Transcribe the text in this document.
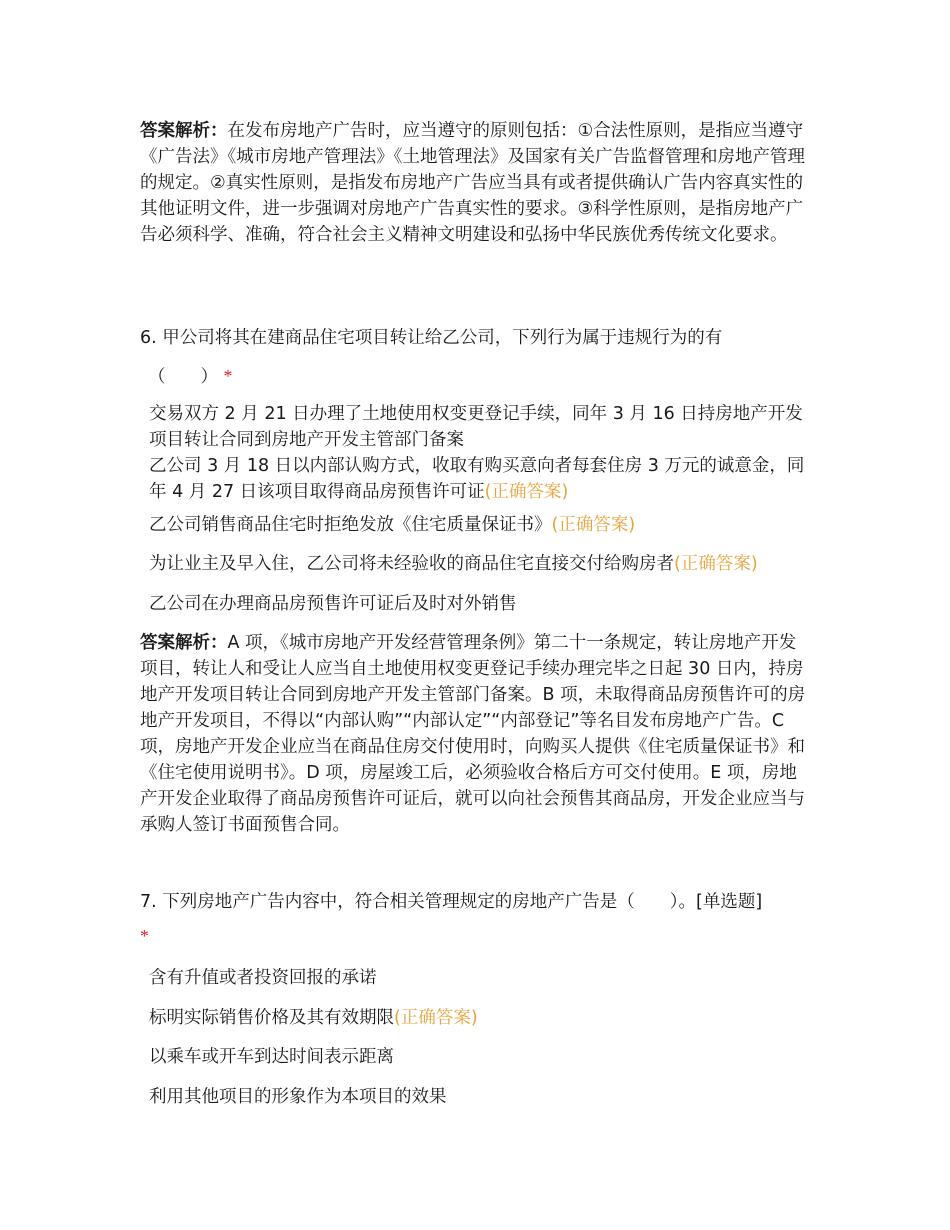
答案解析：在发布房地产广告时，应当遵守的原则包括：①合法性原则，是指应当遵守《广告法》《城市房地产管理法》《土地管理法》及国家有关广告监督管理和房地产管理的规定。②真实性原则，是指发布房地产广告应当具有或者提供确认广告内容真实性的其他证明文件，进一步强调对房地产广告真实性的要求。③科学性原则，是指房地产广告必须科学、准确，符合社会主义精神文明建设和弘扬中华民族优秀传统文化要求。
6. 甲公司将其在建商品住宅项目转让给乙公司，下列行为属于违规行为的有
（　　） *
交易双方 2 月 21 日办理了土地使用权变更登记手续，同年 3 月 16 日持房地产开发项目转让合同到房地产开发主管部门备案
乙公司 3 月 18 日以内部认购方式，收取有购买意向者每套住房 3 万元的诚意金，同年 4 月 27 日该项目取得商品房预售许可证(正确答案)
乙公司销售商品住宅时拒绝发放《住宅质量保证书》(正确答案)
为让业主及早入住，乙公司将未经验收的商品住宅直接交付给购房者(正确答案)
乙公司在办理商品房预售许可证后及时对外销售
答案解析：A 项，《城市房地产开发经营管理条例》第二十一条规定，转让房地产开发项目，转让人和受让人应当自土地使用权变更登记手续办理完毕之日起 30 日内，持房地产开发项目转让合同到房地产开发主管部门备案。B 项，未取得商品房预售许可的房地产开发项目，不得以“内部认购”“内部认定”“内部登记”等名目发布房地产广告。C 项，房地产开发企业应当在商品住房交付使用时，向购买人提供《住宅质量保证书》和《住宅使用说明书》。D 项，房屋竣工后，必须验收合格后方可交付使用。E 项，房地产开发企业取得了商品房预售许可证后，就可以向社会预售其商品房，开发企业应当与承购人签订书面预售合同。
7. 下列房地产广告内容中，符合相关管理规定的房地产广告是（　　）。[单选题]
*
含有升值或者投资回报的承诺
标明实际销售价格及其有效期限(正确答案)
以乘车或开车到达时间表示距离
利用其他项目的形象作为本项目的效果
